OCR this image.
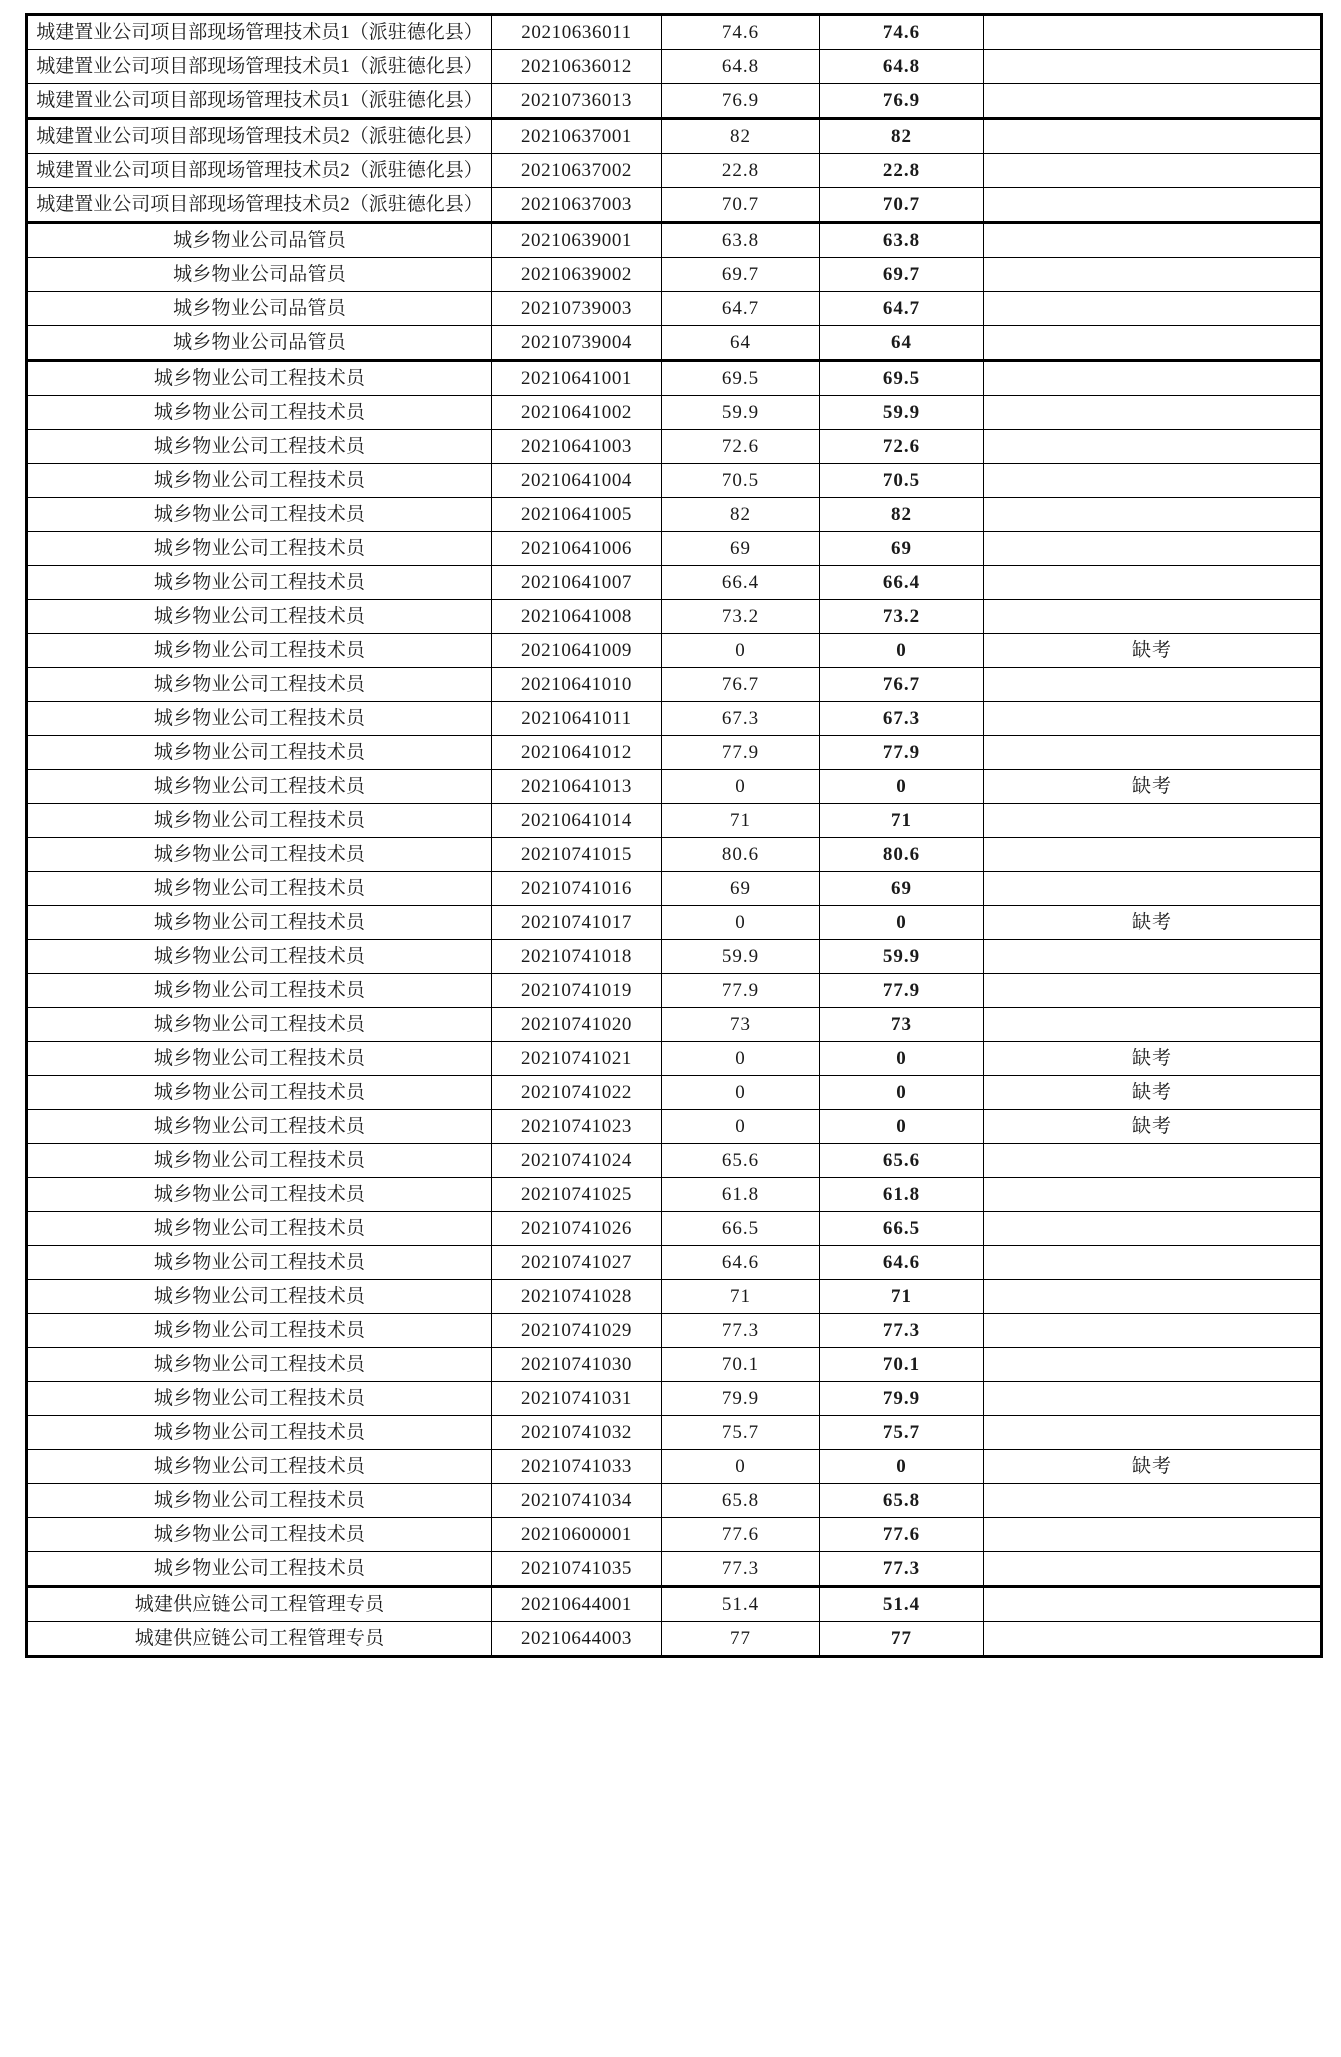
城建置业公司项目部现场管理技术员1（派驻德化县）	20210636011	74.6	74.6	
城建置业公司项目部现场管理技术员1（派驻德化县）	20210636012	64.8	64.8	
城建置业公司项目部现场管理技术员1（派驻德化县）	20210736013	76.9	76.9	
城建置业公司项目部现场管理技术员2（派驻德化县）	20210637001	82	82	
城建置业公司项目部现场管理技术员2（派驻德化县）	20210637002	22.8	22.8	
城建置业公司项目部现场管理技术员2（派驻德化县）	20210637003	70.7	70.7	
城乡物业公司品管员	20210639001	63.8	63.8	
城乡物业公司品管员	20210639002	69.7	69.7	
城乡物业公司品管员	20210739003	64.7	64.7	
城乡物业公司品管员	20210739004	64	64	
城乡物业公司工程技术员	20210641001	69.5	69.5	
城乡物业公司工程技术员	20210641002	59.9	59.9	
城乡物业公司工程技术员	20210641003	72.6	72.6	
城乡物业公司工程技术员	20210641004	70.5	70.5	
城乡物业公司工程技术员	20210641005	82	82	
城乡物业公司工程技术员	20210641006	69	69	
城乡物业公司工程技术员	20210641007	66.4	66.4	
城乡物业公司工程技术员	20210641008	73.2	73.2	
城乡物业公司工程技术员	20210641009	0	0	缺考
城乡物业公司工程技术员	20210641010	76.7	76.7	
城乡物业公司工程技术员	20210641011	67.3	67.3	
城乡物业公司工程技术员	20210641012	77.9	77.9	
城乡物业公司工程技术员	20210641013	0	0	缺考
城乡物业公司工程技术员	20210641014	71	71	
城乡物业公司工程技术员	20210741015	80.6	80.6	
城乡物业公司工程技术员	20210741016	69	69	
城乡物业公司工程技术员	20210741017	0	0	缺考
城乡物业公司工程技术员	20210741018	59.9	59.9	
城乡物业公司工程技术员	20210741019	77.9	77.9	
城乡物业公司工程技术员	20210741020	73	73	
城乡物业公司工程技术员	20210741021	0	0	缺考
城乡物业公司工程技术员	20210741022	0	0	缺考
城乡物业公司工程技术员	20210741023	0	0	缺考
城乡物业公司工程技术员	20210741024	65.6	65.6	
城乡物业公司工程技术员	20210741025	61.8	61.8	
城乡物业公司工程技术员	20210741026	66.5	66.5	
城乡物业公司工程技术员	20210741027	64.6	64.6	
城乡物业公司工程技术员	20210741028	71	71	
城乡物业公司工程技术员	20210741029	77.3	77.3	
城乡物业公司工程技术员	20210741030	70.1	70.1	
城乡物业公司工程技术员	20210741031	79.9	79.9	
城乡物业公司工程技术员	20210741032	75.7	75.7	
城乡物业公司工程技术员	20210741033	0	0	缺考
城乡物业公司工程技术员	20210741034	65.8	65.8	
城乡物业公司工程技术员	20210600001	77.6	77.6	
城乡物业公司工程技术员	20210741035	77.3	77.3	
城建供应链公司工程管理专员	20210644001	51.4	51.4	
城建供应链公司工程管理专员	20210644003	77	77	
